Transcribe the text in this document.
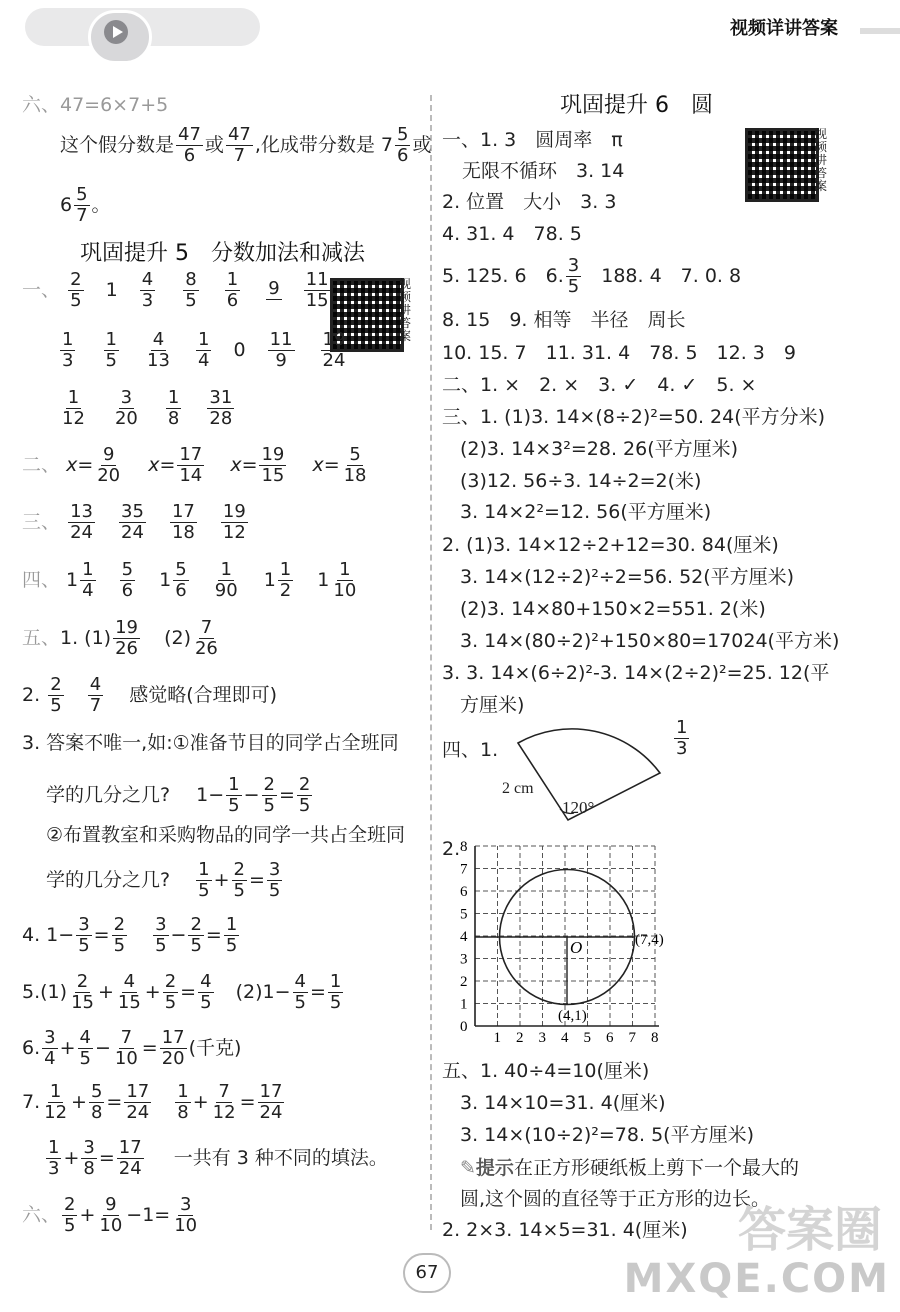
视频详讲答案
六、47=6×7+5
这个假分数是 $\frac{47}{6}$ 或 $\frac{47}{7}$ ,化成带分数是 $7 \frac{5}{6}$ 或
$6 \frac{5}{7}$ 。
巩固提升 5　分数加法和减法
视频讲答案
一、 $\frac{2}{5} 1 \frac{4}{3}$
$\frac{8}{5}$
$\frac{1}{6}$
9
$\frac{11}{15}$
$\frac{1}{3}$
$\frac{1}{5}$
$\frac{4}{13}$
$\frac{1}{4} 0 \frac{11}{9}$
$\frac{19}{24}$
$\frac{1}{12}$
$\frac{3}{20}$
$\frac{1}{8}$
$\frac{31}{28}$
二、 $x= \frac{9}{20} x= \frac{17}{14} x= \frac{19}{15} x= \frac{5}{18}$
三、 $\frac{13}{24}$
$\frac{35}{24}$
$\frac{17}{18}$
$\frac{19}{12}$
四、 $1 \frac{1}{4}$
$\frac{5}{6} 1 \frac{5}{6}$
$\frac{1}{90} 1 \frac{1}{2} 1 \frac{1}{10}$
五、1. $(1) \frac{19}{26} (2) \frac{7}{26}$
2. $\frac{2}{5}$
$\frac{4}{7}$ 感觉略(合理即可)
3. 答案不唯一,如:①准备节目的同学占全班同
学的几分之几? $1- \frac{1}{5} - \frac{2}{5} = \frac{2}{5}$
②布置教室和采购物品的同学一共占全班同
学的几分之几? $\frac{1}{5} + \frac{2}{5} = \frac{3}{5}$
4. $1- \frac{3}{5} = \frac{2}{5}$
$\frac{3}{5} - \frac{2}{5} = \frac{1}{5}$
$5.(1) \frac{2}{15} + \frac{4}{15} + \frac{2}{5} = \frac{4}{5} (2)1- \frac{4}{5} = \frac{1}{5}$
6. $\frac{3}{4} + \frac{4}{5} - \frac{7}{10} = \frac{17}{20}$ (千克)
7. $\frac{1}{12} + \frac{5}{8} = \frac{17}{24}$
$\frac{1}{8} + \frac{7}{12} = \frac{17}{24}$
$\frac{1}{3} + \frac{3}{8} = \frac{17}{24}$ 一共有 3 种不同的填法。
六、 $\frac{2}{5} + \frac{9}{10} -1= \frac{3}{10}$
巩固提升 6　圆
视频讲答案
一、1. 3　圆周率　π
无限不循环　3. 14
2. 位置　大小　3. 3
4. 31. 4　78. 5
5. 125. 6　6. $\frac{3}{5} 188$. 4　7. 0. 8
8. 15　9. 相等　半径　周长
10. 15. 7　11. 31. 4　78. 5　12. 3　9
二、1. ×　2. ×　3. ✓　4. ✓　5. ×
三、1. (1)3. 14×(8÷2)²=50. 24(平方分米)
(2)3. 14×3²=28. 26(平方厘米)
(3)12. 56÷3. 14÷2=2(米)
3. 14×2²=12. 56(平方厘米)
2. (1)3. 14×12÷2+12=30. 84(厘米)
3. 14×(12÷2)²÷2=56. 52(平方厘米)
(2)3. 14×80+150×2=551. 2(米)
3. 14×(80÷2)²+150×80=17024(平方米)
3. 3. 14×(6÷2)²-3. 14×(2÷2)²=25. 12(平
方厘米)
四、1.	$\frac{1}{3}$
2 cm
120°
2.
O	(7,4)
(4,1)
1 2 3 4 5 6 7 8
0
1
2
3
4
5
6
7
8
五、1. 40÷4=10(厘米)
3. 14×10=31. 4(厘米)
3. 14×(10÷2)²=78. 5(平方厘米)
✎提示在正方形硬纸板上剪下一个最大的
圆,这个圆的直径等于正方形的边长。
2. 2×3. 14×5=31. 4(厘米)
67
答案圈
MXQE.COM
